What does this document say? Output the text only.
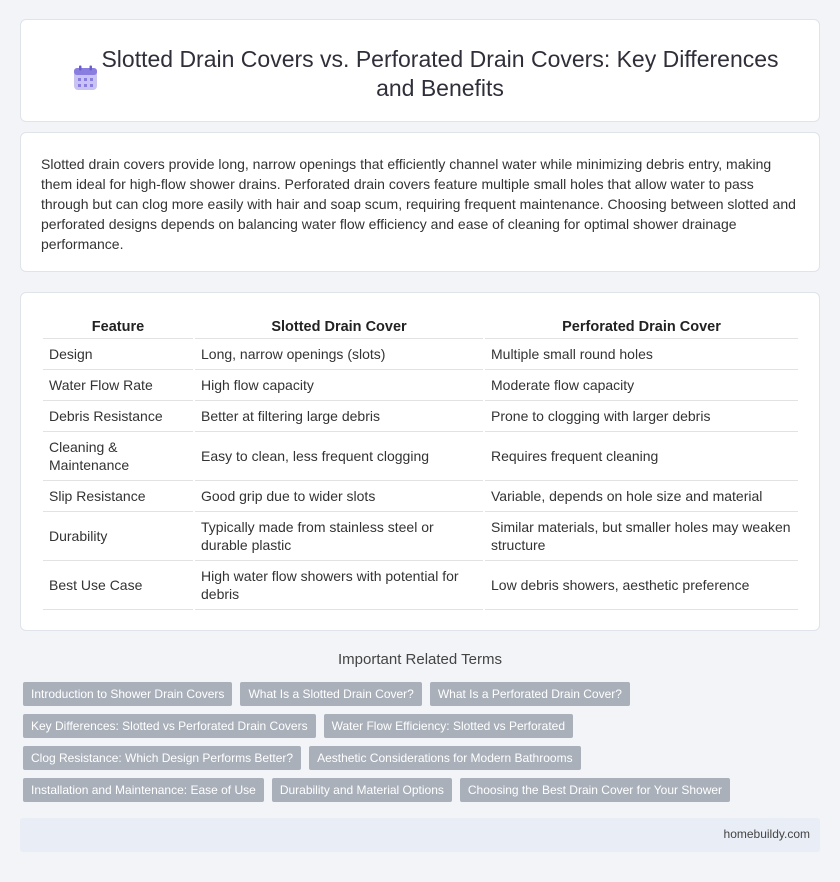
Slotted Drain Covers vs. Perforated Drain Covers: Key Differences and Benefits

Slotted drain covers provide long, narrow openings that efficiently channel water while minimizing debris entry, making them ideal for high-flow shower drains. Perforated drain covers feature multiple small holes that allow water to pass through but can clog more easily with hair and soap scum, requiring frequent maintenance. Choosing between slotted and perforated designs depends on balancing water flow efficiency and ease of cleaning for optimal shower drainage performance.

Feature	Slotted Drain Cover	Perforated Drain Cover
Design	Long, narrow openings (slots)	Multiple small round holes
Water Flow Rate	High flow capacity	Moderate flow capacity
Debris Resistance	Better at filtering large debris	Prone to clogging with larger debris
Cleaning & Maintenance	Easy to clean, less frequent clogging	Requires frequent cleaning
Slip Resistance	Good grip due to wider slots	Variable, depends on hole size and material
Durability	Typically made from stainless steel or durable plastic	Similar materials, but smaller holes may weaken structure
Best Use Case	High water flow showers with potential for debris	Low debris showers, aesthetic preference
Important Related Terms
Introduction to Shower Drain Covers	What Is a Slotted Drain Cover?	What Is a Perforated Drain Cover?
Key Differences: Slotted vs Perforated Drain Covers	Water Flow Efficiency: Slotted vs Perforated
Clog Resistance: Which Design Performs Better?	Aesthetic Considerations for Modern Bathrooms
Installation and Maintenance: Ease of Use	Durability and Material Options	Choosing the Best Drain Cover for Your Shower
homebuildy.com
